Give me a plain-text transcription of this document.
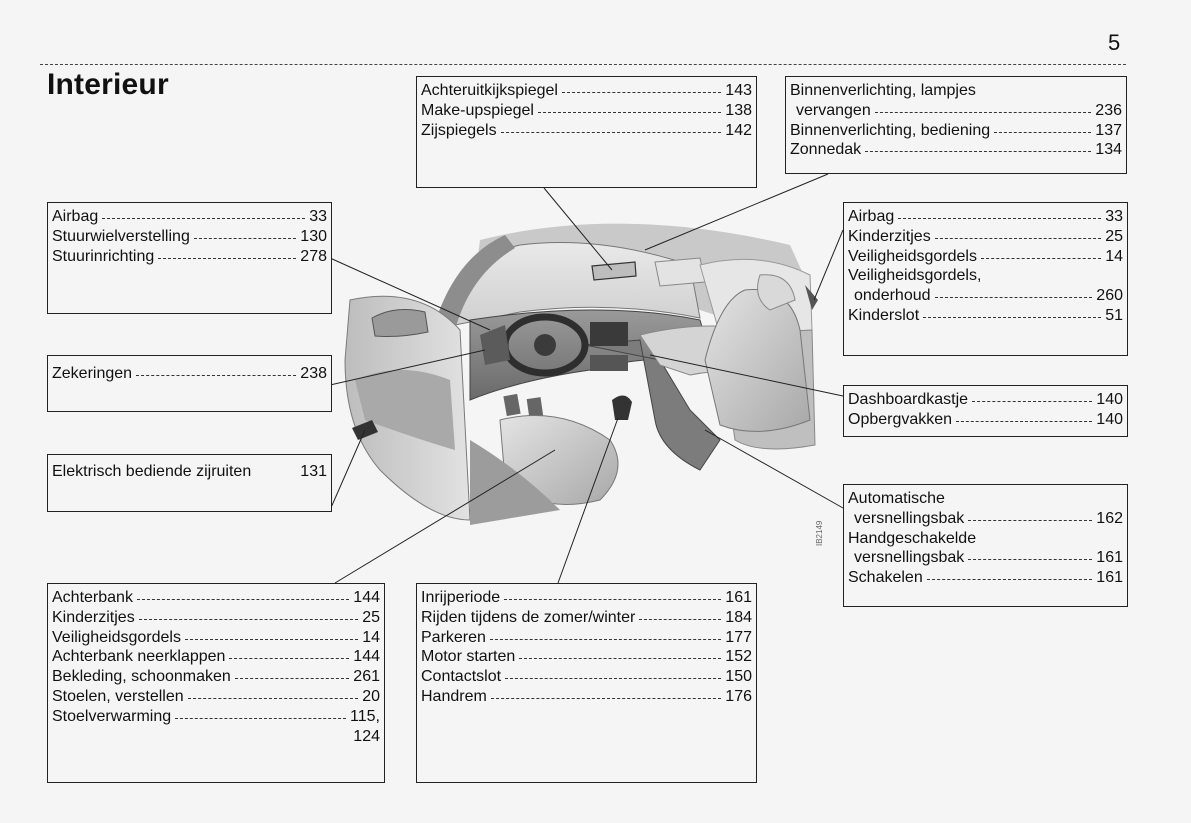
5
Interieur
IB2149
Achteruitkijkspiegel	143
Make-upspiegel	138
Zijspiegels	142
Binnenverlichting, lampjes
vervangen	236
Binnenverlichting, bediening	137
Zonnedak	134
Airbag	33
Stuurwielverstelling	130
Stuurinrichting	278
Zekeringen	238
Elektrisch bediende zijruiten	131
Airbag	33
Kinderzitjes	25
Veiligheidsgordels	14
Veiligheidsgordels,
onderhoud	260
Kinderslot	51
Dashboardkastje	140
Opbergvakken	140
Automatische
versnellingsbak	162
Handgeschakelde
versnellingsbak	161
Schakelen	161
Achterbank	144
Kinderzitjes	25
Veiligheidsgordels	14
Achterbank neerklappen	144
Bekleding, schoonmaken	261
Stoelen, verstellen	20
Stoelverwarming	115,
124
Inrijperiode	161
Rijden tijdens de zomer/winter	184
Parkeren	177
Motor starten	152
Contactslot	150
Handrem	176
